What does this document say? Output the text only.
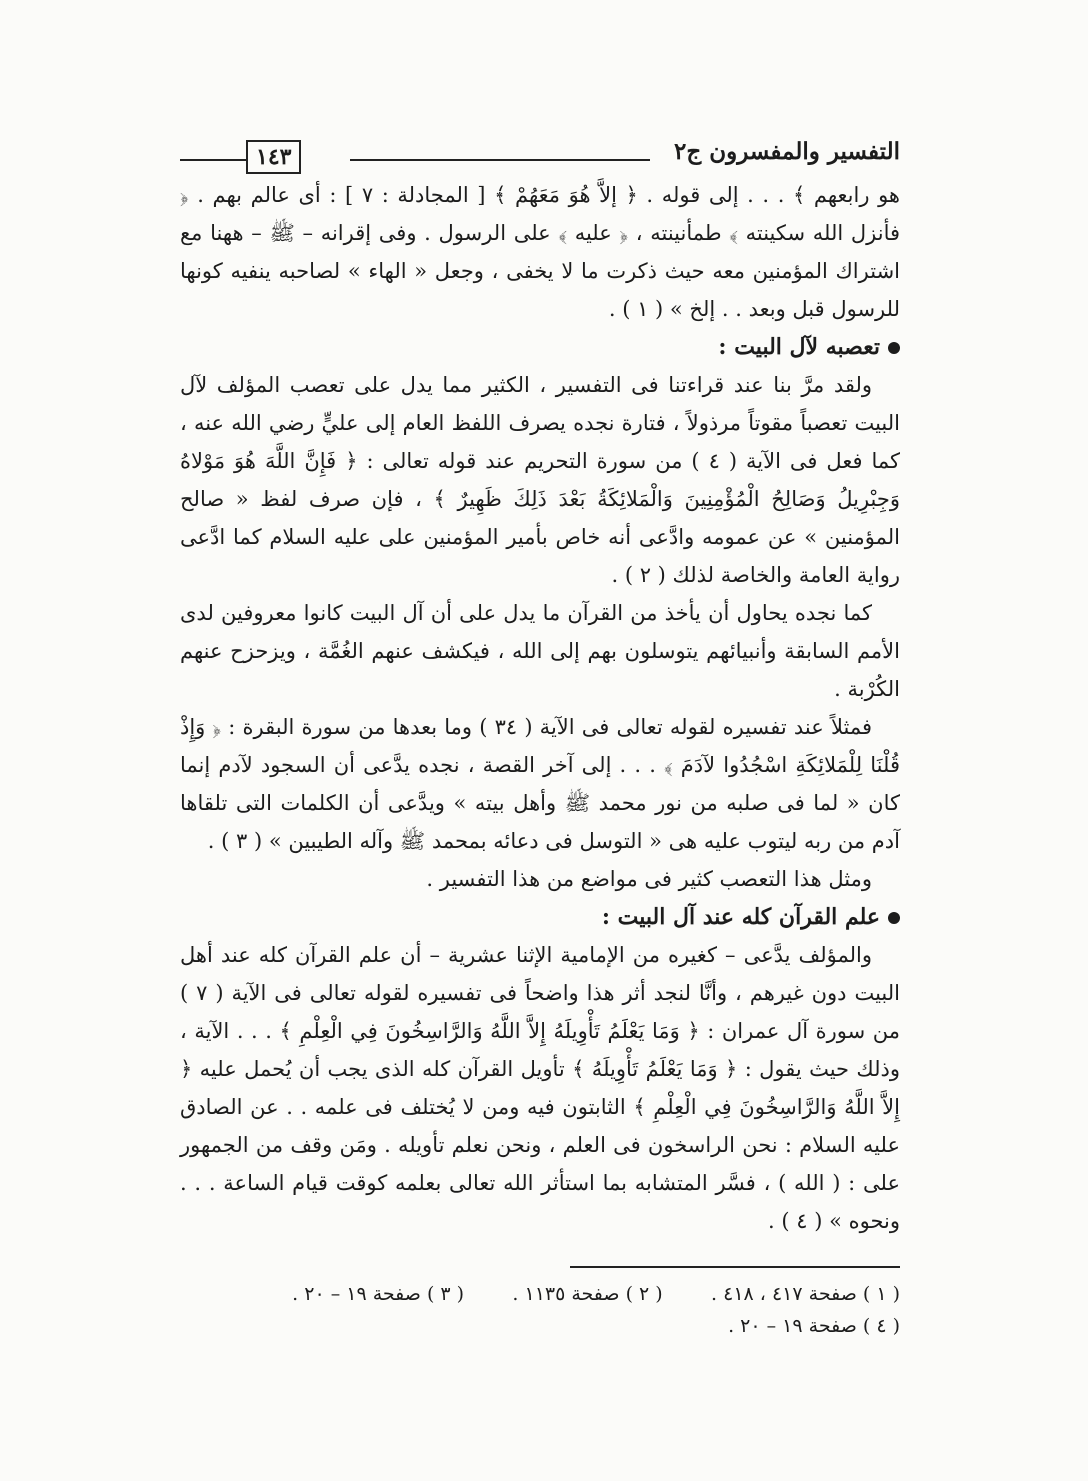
التفسير والمفسرون ج٢
١٤٣

هو رابعهم ﴾ . . . إلى قوله . ﴿ إلاَّ هُوَ مَعَهُمْ ﴾ [ المجادلة : ٧ ] : أى عالم بهم . ﴿ فأنزل الله سكينته ﴾ طمأنينته ، ﴿ عليه ﴾ على الرسول . وفى إقرانه – ﷺ – ههنا مع اشتراك المؤمنين معه حيث ذكرت ما لا يخفى ، وجعل « الهاء » لصاحبه ينفيه كونها للرسول قبل وبعد . . إلخ » ( ١ ) .

تعصبه لآل البيت :

ولقد مرَّ بنا عند قراءتنا فى التفسير ، الكثير مما يدل على تعصب المؤلف لآل البيت تعصباً مقوتاً مرذولاً ، فتارة نجده يصرف اللفظ العام إلى عليٍّ رضي الله عنه ، كما فعل فى الآية ( ٤ ) من سورة التحريم عند قوله تعالى : ﴿ فَإِنَّ اللَّهَ هُوَ مَوْلاهُ وَجِبْرِيلُ وَصَالِحُ الْمُؤْمِنِينَ وَالْمَلائِكَةُ بَعْدَ ذَلِكَ ظَهِيرٌ ﴾ ، فإن صرف لفظ « صالح المؤمنين » عن عمومه وادَّعى أنه خاص بأمير المؤمنين على عليه السلام كما ادَّعى رواية العامة والخاصة لذلك ( ٢ ) .

كما نجده يحاول أن يأخذ من القرآن ما يدل على أن آل البيت كانوا معروفين لدى الأمم السابقة وأنبيائهم يتوسلون بهم إلى الله ، فيكشف عنهم الغُمَّة ، ويزحزح عنهم الكُرْبة .

فمثلاً عند تفسيره لقوله تعالى فى الآية ( ٣٤ ) وما بعدها من سورة البقرة : ﴿ وَإِذْ قُلْنَا لِلْمَلائِكَةِ اسْجُدُوا لآدَمَ ﴾ . . . إلى آخر القصة ، نجده يدَّعى أن السجود لآدم إنما كان « لما فى صلبه من نور محمد ﷺ وأهل بيته » ويدَّعى أن الكلمات التى تلقاها آدم من ربه ليتوب عليه هى « التوسل فى دعائه بمحمد ﷺ وآله الطيبين » ( ٣ ) .

ومثل هذا التعصب كثير فى مواضع من هذا التفسير .

علم القرآن كله عند آل البيت :

والمؤلف يدَّعى – كغيره من الإمامية الإثنا عشرية – أن علم القرآن كله عند أهل البيت دون غيرهم ، وأنَّا لنجد أثر هذا واضحاً فى تفسيره لقوله تعالى فى الآية ( ٧ ) من سورة آل عمران : ﴿ وَمَا يَعْلَمُ تَأْوِيلَهُ إِلاَّ اللَّهُ وَالرَّاسِخُونَ فِي الْعِلْمِ ﴾ . . . الآية ، وذلك حيث يقول : ﴿ وَمَا يَعْلَمُ تَأْوِيلَهُ ﴾ تأويل القرآن كله الذى يجب أن يُحمل عليه ﴿ إِلاَّ اللَّهُ وَالرَّاسِخُونَ فِي الْعِلْمِ ﴾ الثابتون فيه ومن لا يُختلف فى علمه . . عن الصادق عليه السلام : نحن الراسخون فى العلم ، ونحن نعلم تأويله . ومَن وقف من الجمهور على : ( الله ) ، فسَّر المتشابه بما استأثر الله تعالى بعلمه كوقت قيام الساعة . . . ونحوه » ( ٤ ) .

( ١ ) صفحة ٤١٧ ، ٤١٨ .        ( ٢ ) صفحة ١١٣٥ .        ( ٣ ) صفحة ١٩ – ٢٠ .

( ٤ ) صفحة ١٩ – ٢٠ .
